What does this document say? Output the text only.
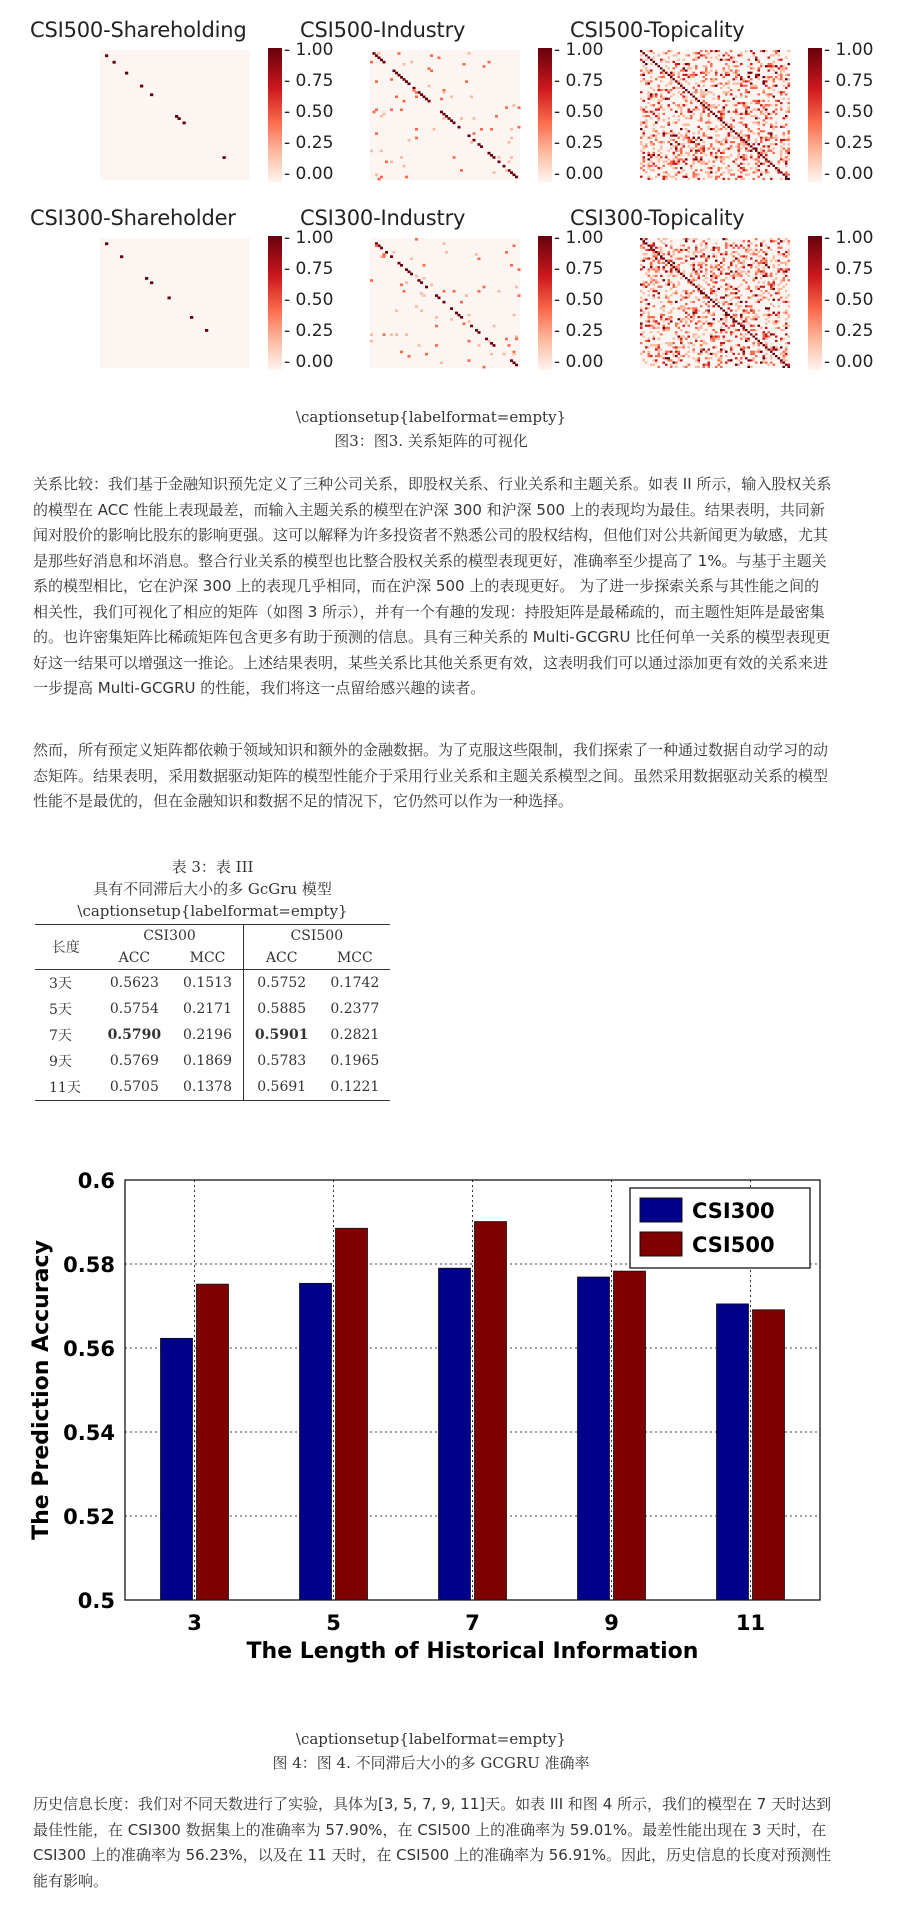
CSI500-Shareholding
- 1.00
- 0.75
- 0.50
- 0.25
- 0.00
CSI500-Industry
- 1.00
- 0.75
- 0.50
- 0.25
- 0.00
CSI500-Topicality
- 1.00
- 0.75
- 0.50
- 0.25
- 0.00
CSI300-Shareholder
- 1.00
- 0.75
- 0.50
- 0.25
- 0.00
CSI300-Industry
- 1.00
- 0.75
- 0.50
- 0.25
- 0.00
CSI300-Topicality
- 1.00
- 0.75
- 0.50
- 0.25
- 0.00
\captionsetup{labelformat=empty}
图3：图3. 关系矩阵的可视化
关系比较：我们基于金融知识预先定义了三种公司关系，即股权关系、行业关系和主题关系。如表 II 所示，输入股权关系的模型在 ACC 性能上表现最差，而输入主题关系的模型在沪深 300 和沪深 500 上的表现均为最佳。结果表明，共同新闻对股价的影响比股东的影响更强。这可以解释为许多投资者不熟悉公司的股权结构，但他们对公共新闻更为敏感，尤其是那些好消息和坏消息。整合行业关系的模型也比整合股权关系的模型表现更好，准确率至少提高了 1%。与基于主题关系的模型相比，它在沪深 300 上的表现几乎相同，而在沪深 500 上的表现更好。 为了进一步探索关系与其性能之间的相关性，我们可视化了相应的矩阵（如图 3 所示），并有一个有趣的发现：持股矩阵是最稀疏的，而主题性矩阵是最密集的。也许密集矩阵比稀疏矩阵包含更多有助于预测的信息。具有三种关系的 Multi-GCGRU 比任何单一关系的模型表现更好这一结果可以增强这一推论。上述结果表明，某些关系比其他关系更有效，这表明我们可以通过添加更有效的关系来进一步提高 Multi-GCGRU 的性能，我们将这一点留给感兴趣的读者。
然而，所有预定义矩阵都依赖于领域知识和额外的金融数据。为了克服这些限制，我们探索了一种通过数据自动学习的动态矩阵。结果表明，采用数据驱动矩阵的模型性能介于采用行业关系和主题关系模型之间。虽然采用数据驱动关系的模型性能不是最优的，但在金融知识和数据不足的情况下，它仍然可以作为一种选择。
表 3：表 III
具有不同滞后大小的多 GcGru 模型
\captionsetup{labelformat=empty}
长度	CSI300		CSI500	
	ACC	MCC	ACC	MCC
3天	0.5623	0.1513	0.5752	0.1742
5天	0.5754	0.2171	0.5885	0.2377
7天	0.5790	0.2196	0.5901	0.2821
9天	0.5769	0.1869	0.5783	0.1965
11天	0.5705	0.1378	0.5691	0.1221
3	5	7	9	11
0.5
0.52
0.54
0.56
0.58
0.6
CSI300
CSI500
The Length of Historical Information
The Prediction Accuracy
\captionsetup{labelformat=empty}
图 4：图 4. 不同滞后大小的多 GCGRU 准确率
历史信息长度：我们对不同天数进行了实验，具体为[3, 5, 7, 9, 11]天。如表 III 和图 4 所示，我们的模型在 7 天时达到最佳性能，在 CSI300 数据集上的准确率为 57.90%，在 CSI500 上的准确率为 59.01%。最差性能出现在 3 天时，在 CSI300 上的准确率为 56.23%，以及在 11 天时，在 CSI500 上的准确率为 56.91%。因此，历史信息的长度对预测性能有影响。
